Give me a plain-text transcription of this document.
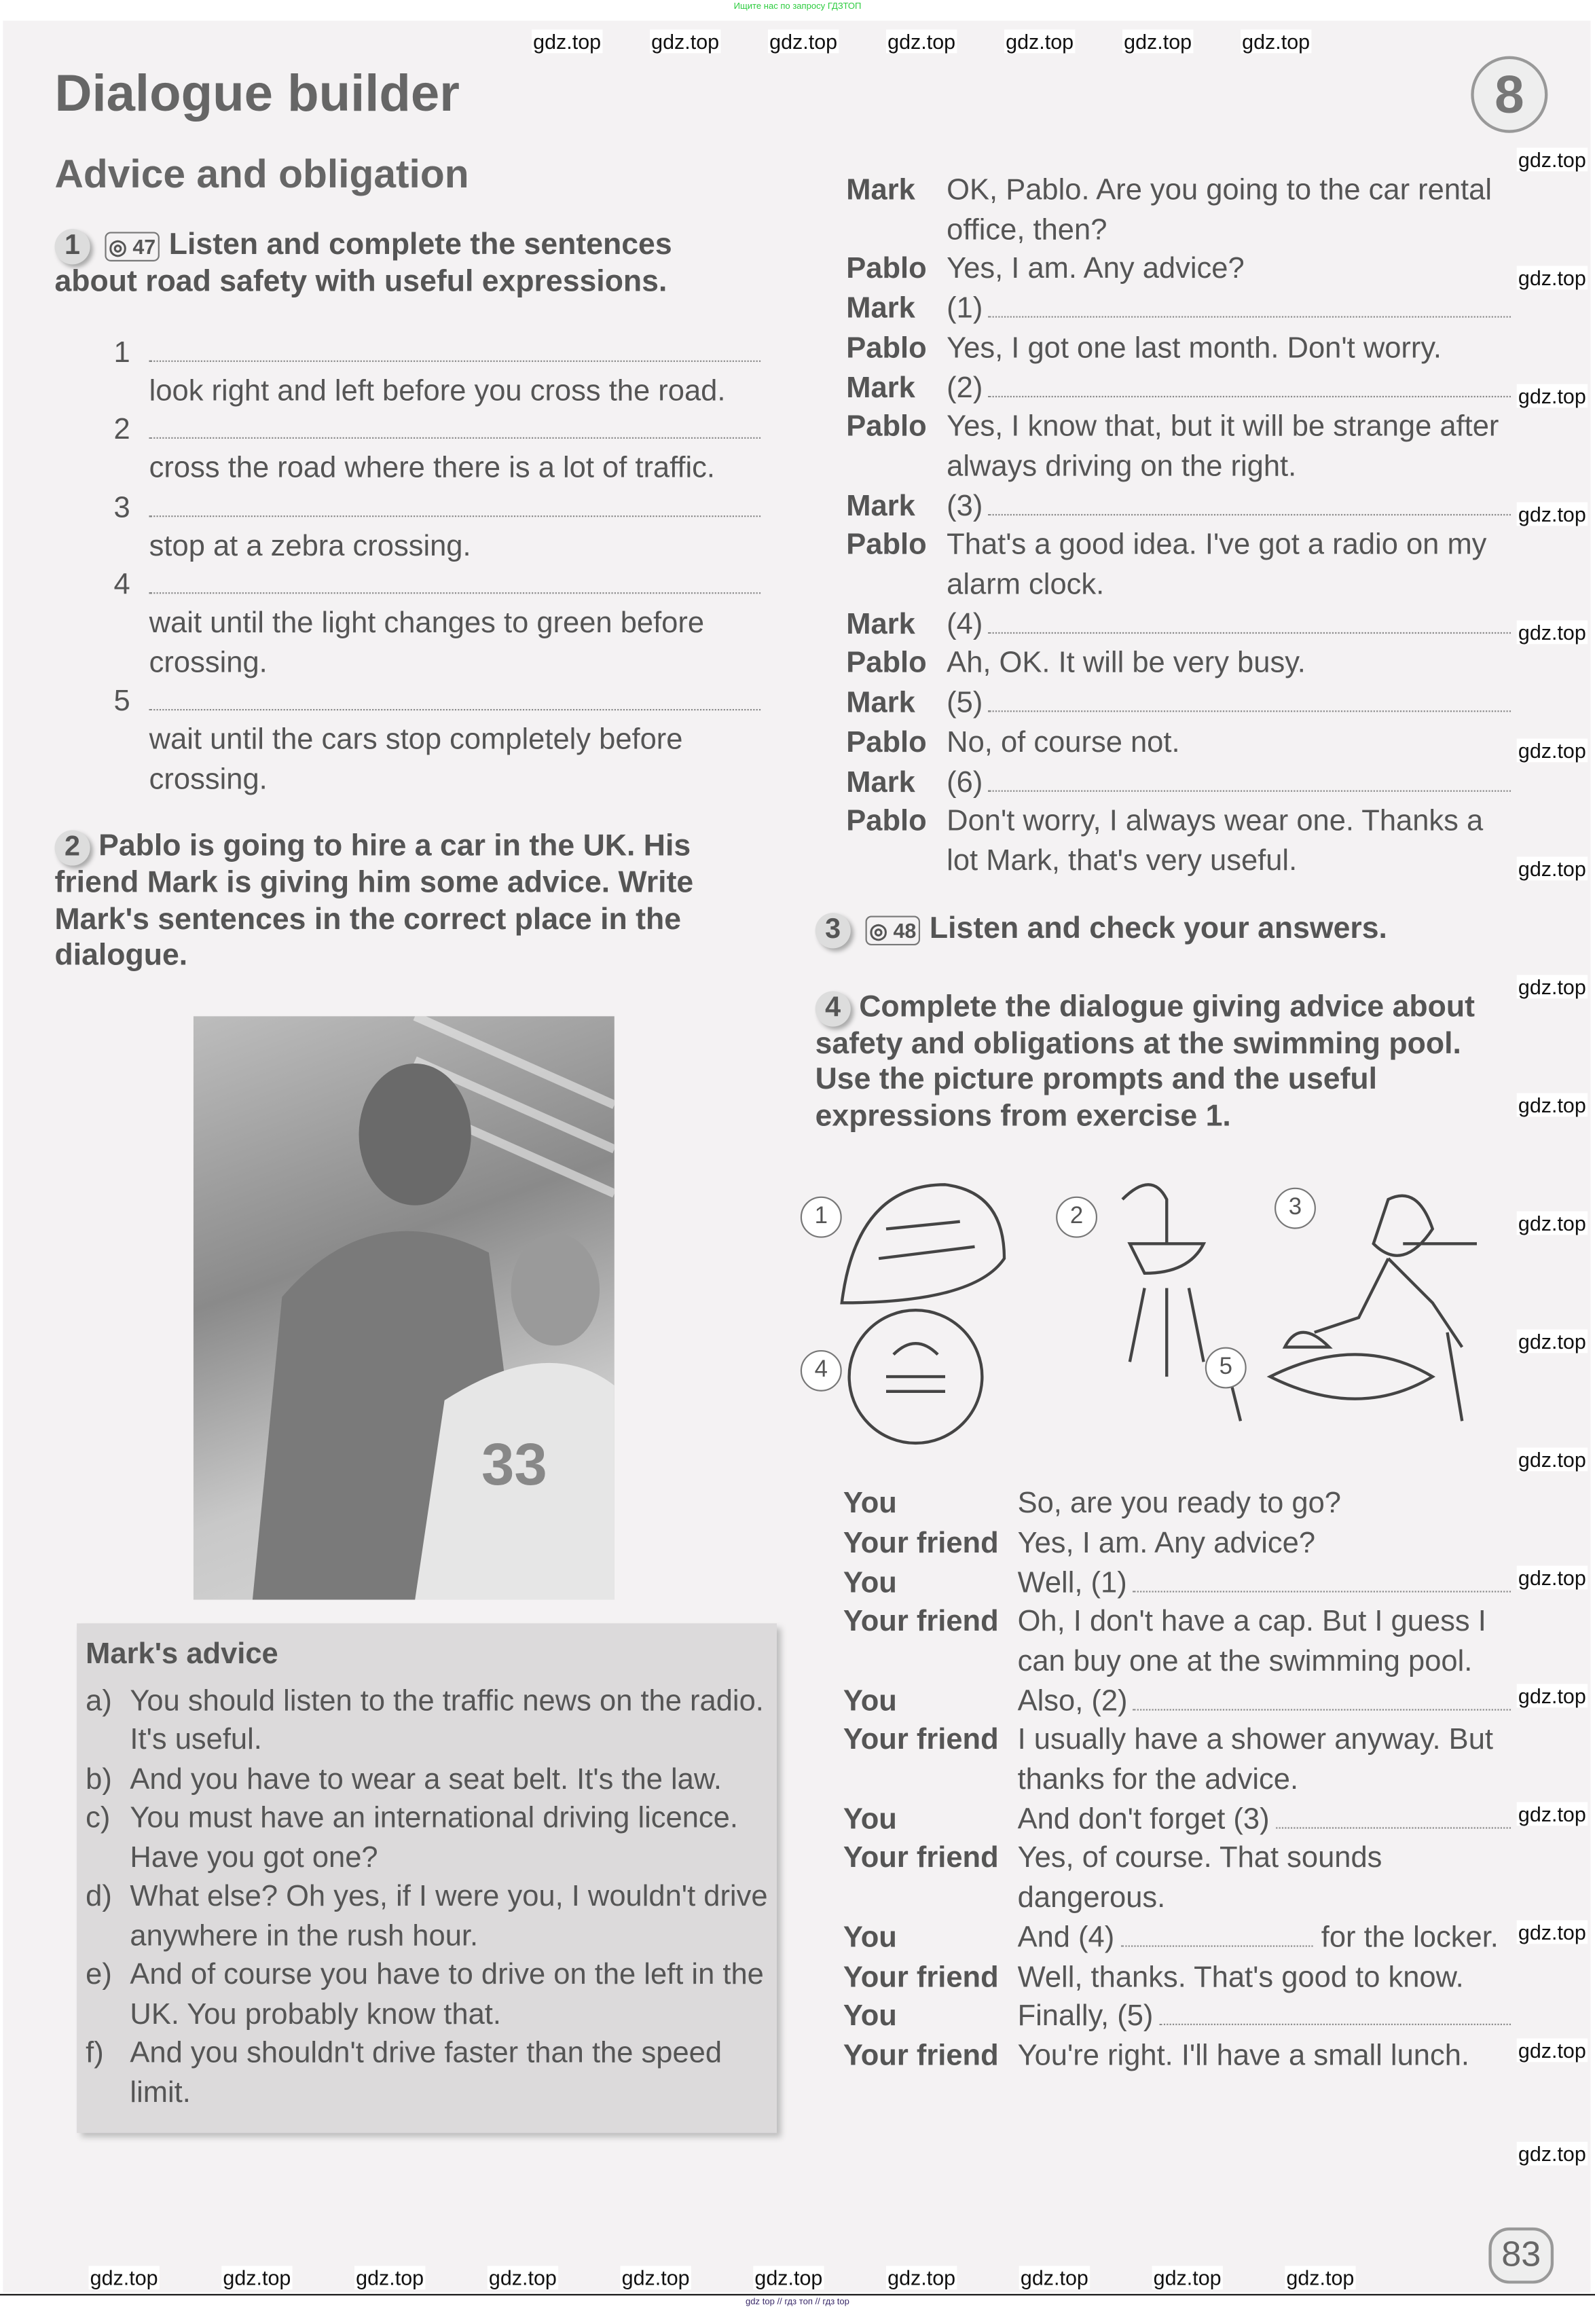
Ищите нас по запросу ГДЗТОП
8
Dialogue builder
Advice and obligation
1	◎ 47 Listen and complete the sentences about road safety with useful expressions.
1
look right and left before you cross the road.
2
cross the road where there is a lot of traffic.
3
stop at a zebra crossing.
4
wait until the light changes to green before crossing.
5
wait until the cars stop completely before crossing.
2 Pablo is going to hire a car in the UK. His friend Mark is giving him some advice. Write Mark's sentences in the correct place in the dialogue.
33
Mark's advice
a)	You should listen to the traffic news on the radio. It's useful.
b)	And you have to wear a seat belt. It's the law.
c)	You must have an international driving licence. Have you got one?
d)	What else? Oh yes, if I were you, I wouldn't drive anywhere in the rush hour.
e)	And of course you have to drive on the left in the UK. You probably know that.
f)	And you shouldn't drive faster than the speed limit.
Mark	OK, Pablo. Are you going to the car rental office, then?
Pablo	Yes, I am. Any advice?
Mark	(1)
Pablo	Yes, I got one last month. Don't worry.
Mark	(2)
Pablo	Yes, I know that, but it will be strange after always driving on the right.
Mark	(3)
Pablo	That's a good idea. I've got a radio on my alarm clock.
Mark	(4)
Pablo	Ah, OK. It will be very busy.
Mark	(5)
Pablo	No, of course not.
Mark	(6)
Pablo	Don't worry, I always wear one. Thanks a lot Mark, that's very useful.
3	◎ 48 Listen and check your answers.
4 Complete the dialogue giving advice about safety and obligations at the swimming pool. Use the picture prompts and the useful expressions from exercise 1.
1	2	3
4	5
You	So, are you ready to go?
Your friend	Yes, I am. Any advice?
You	Well, (1)
Your friend	Oh, I don't have a cap. But I guess I can buy one at the swimming pool.
You	Also, (2)
Your friend	I usually have a shower anyway. But thanks for the advice.
You	And don't forget (3)
Your friend	Yes, of course. That sounds dangerous.
You	And (4)	for the locker.
Your friend	Well, thanks. That's good to know.
You	Finally, (5)
Your friend	You're right. I'll have a small lunch.
83
gdz top // гдз топ // гдз top
gdz.top	gdz.top	gdz.top	gdz.top	gdz.top	gdz.top	gdz.top
gdz.top
gdz.top
gdz.top
gdz.top
gdz.top
gdz.top
gdz.top
gdz.top
gdz.top
gdz.top
gdz.top
gdz.top
gdz.top
gdz.top
gdz.top
gdz.top
gdz.top
gdz.top
gdz.top	gdz.top	gdz.top	gdz.top	gdz.top	gdz.top	gdz.top	gdz.top	gdz.top	gdz.top
